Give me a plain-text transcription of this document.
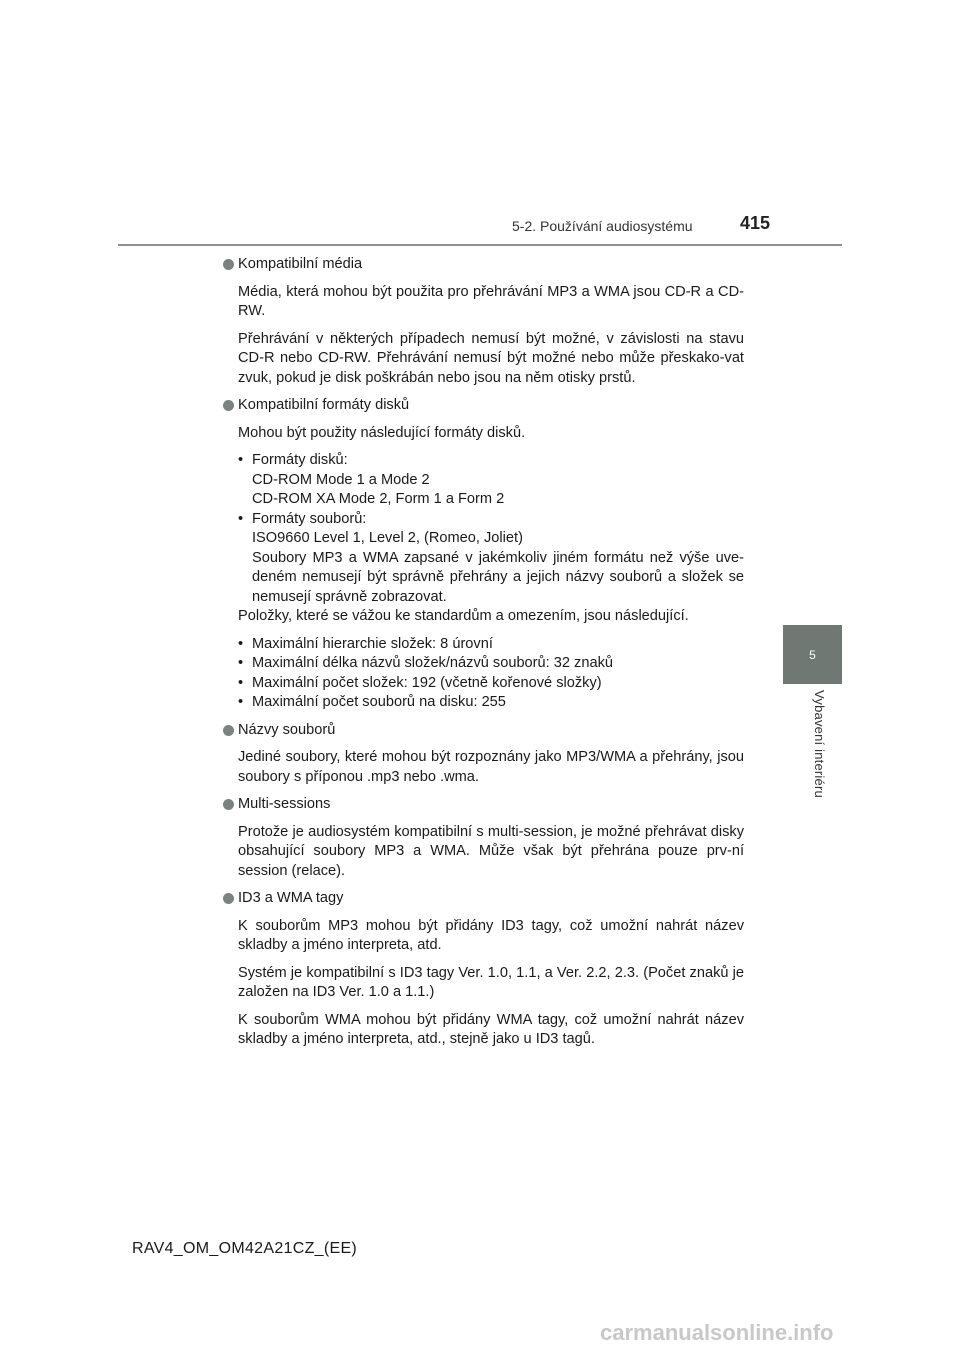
5-2. Používání audiosystému	415
5
Vybavení interiéru
Kompatibilní média

Média, která mohou být použita pro přehrávání MP3 a WMA jsou CD-R a CD-RW.

Přehrávání v některých případech nemusí být možné, v závislosti na stavu CD-R nebo CD-RW. Přehrávání nemusí být možné nebo může přeskako-vat zvuk, pokud je disk poškrábán nebo jsou na něm otisky prstů.

Kompatibilní formáty disků

Mohou být použity následující formáty disků.

• Formáty disků:
CD-ROM Mode 1 a Mode 2
CD-ROM XA Mode 2, Form 1 a Form 2
• Formáty souborů:
ISO9660 Level 1, Level 2, (Romeo, Joliet)
Soubory MP3 a WMA zapsané v jakémkoliv jiném formátu než výše uve-deném nemusejí být správně přehrány a jejich názvy souborů a složek se nemusejí správně zobrazovat.
Položky, které se vážou ke standardům a omezením, jsou následující.
• Maximální hierarchie složek: 8 úrovní
• Maximální délka názvů složek/názvů souborů: 32 znaků
• Maximální počet složek: 192 (včetně kořenové složky)
• Maximální počet souborů na disku: 255
Názvy souborů

Jediné soubory, které mohou být rozpoznány jako MP3/WMA a přehrány, jsou soubory s příponou .mp3 nebo .wma.

Multi-sessions

Protože je audiosystém kompatibilní s multi-session, je možné přehrávat disky obsahující soubory MP3 a WMA. Může však být přehrána pouze prv-ní session (relace).

ID3 a WMA tagy

K souborům MP3 mohou být přidány ID3 tagy, což umožní nahrát název skladby a jméno interpreta, atd.

Systém je kompatibilní s ID3 tagy Ver. 1.0, 1.1, a Ver. 2.2, 2.3. (Počet znaků je založen na ID3 Ver. 1.0 a 1.1.)

K souborům WMA mohou být přidány WMA tagy, což umožní nahrát název skladby a jméno interpreta, atd., stejně jako u ID3 tagů.

RAV4_OM_OM42A21CZ_(EE)
carmanualsonline.info
